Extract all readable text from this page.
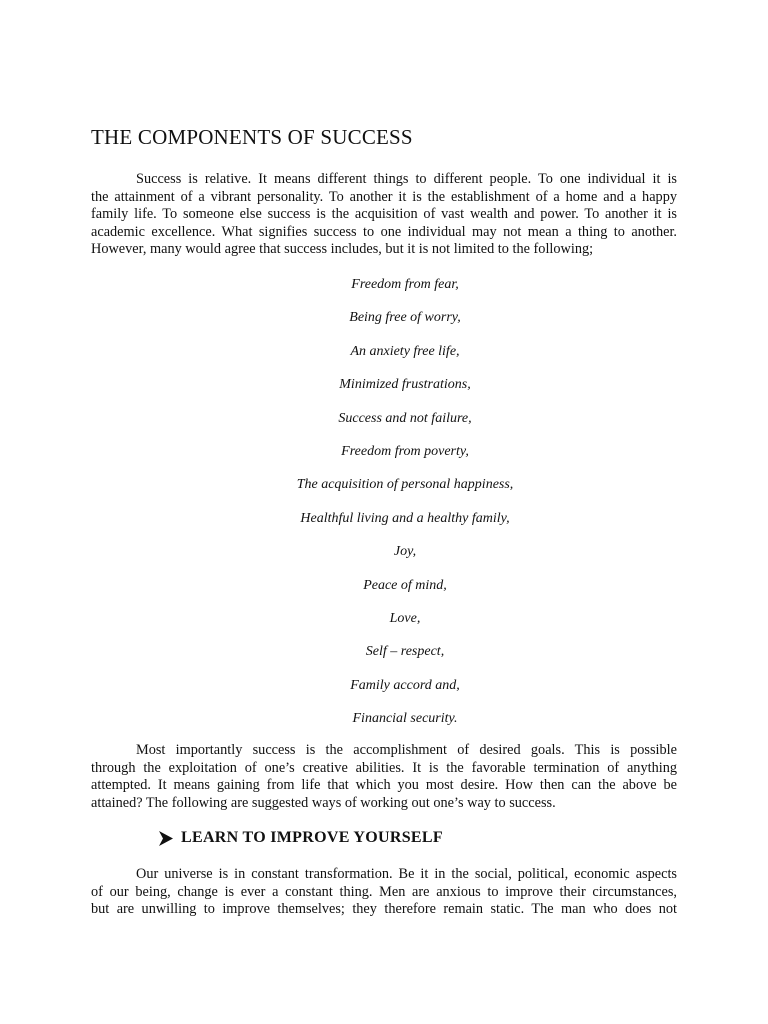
THE COMPONENTS OF SUCCESS
Success is relative. It means different things to different people. To one individual it is
the attainment of a vibrant personality. To another it is the establishment of a home and a happy
family life. To someone else success is the acquisition of vast wealth and power. To another it is
academic excellence. What signifies success to one individual may not mean a thing to another.
However, many would agree that success includes, but it is not limited to the following;
Freedom from fear,
Being free of worry,
An anxiety free life,
Minimized frustrations,
Success and not failure,
Freedom from poverty,
The acquisition of personal happiness,
Healthful living and a healthy family,
Joy,
Peace of mind,
Love,
Self – respect,
Family accord and,
Financial security.
Most importantly success is the accomplishment of desired goals. This is possible
through the exploitation of one’s creative abilities. It is the favorable termination of anything
attempted. It means gaining from life that which you most desire. How then can the above be
attained? The following are suggested ways of working out one’s way to success.
LEARN TO IMPROVE YOURSELF
Our universe is in constant transformation. Be it in the social, political, economic aspects
of our being, change is ever a constant thing. Men are anxious to improve their circumstances,
but are unwilling to improve themselves; they therefore remain static. The man who does not
